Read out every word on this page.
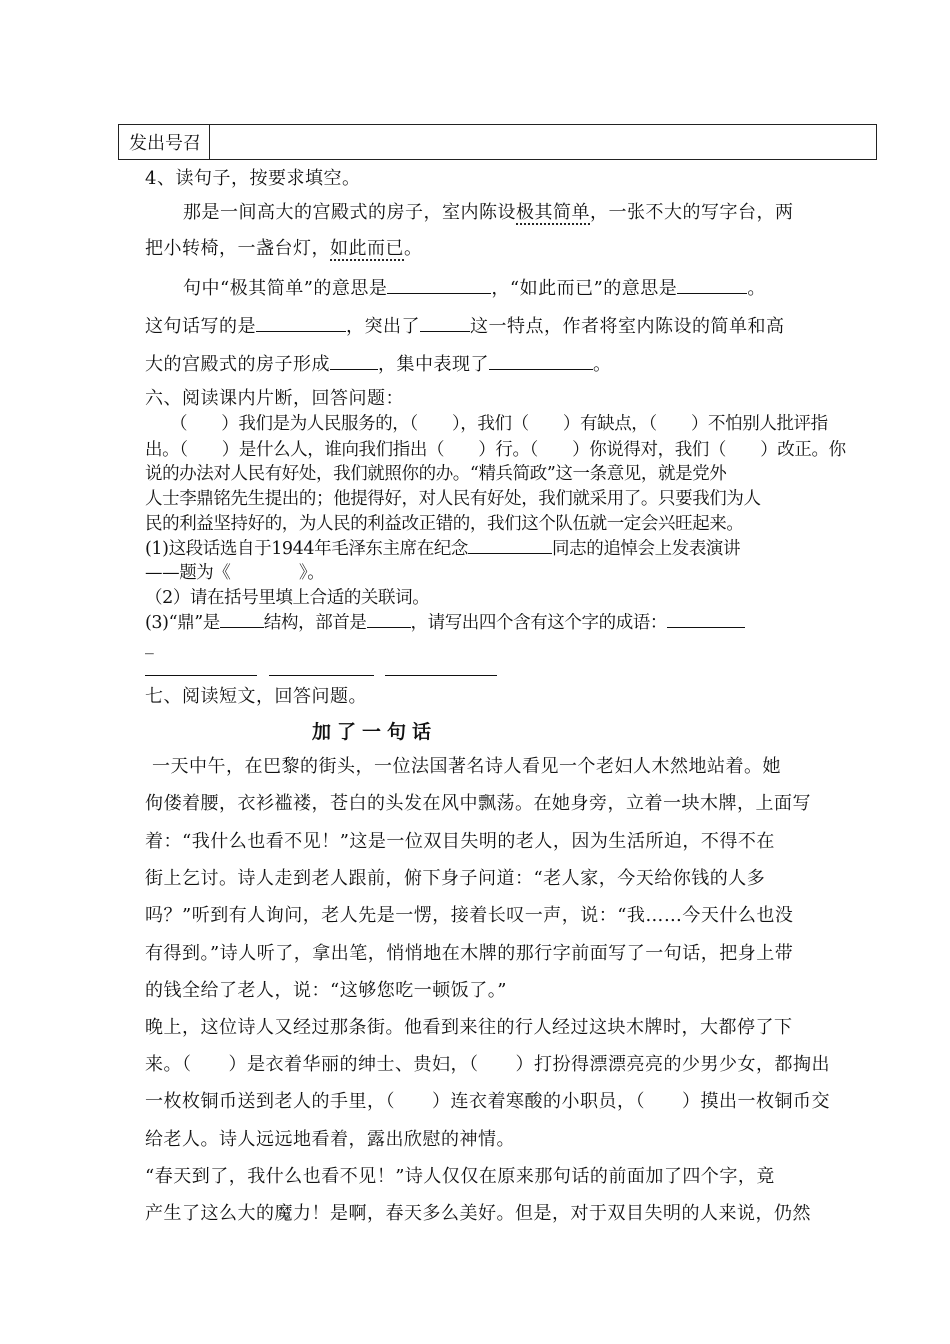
发出号召	

4、读句子，按要求填空。

那是一间高大的宫殿式的房子，室内陈设极其简单，一张不大的写字台，两

把小转椅，一盏台灯，如此而已。

句中“极其简单”的意思是	，“如此而已”的意思是	。

这句话写的是	，突出了	这一特点，作者将室内陈设的简单和高

大的宫殿式的房子形成	，集中表现了	。

六、阅读课内片断，回答问题：

（　　）我们是为人民服务的，（　　），我们（　　）有缺点，（　　）不怕别人批评指

出。（　　）是什么人，谁向我们指出（　　）行。（　　）你说得对，我们（　　）改正。你

说的办法对人民有好处，我们就照你的办。“精兵简政”这一条意见，就是党外

人士李鼎铭先生提出的；他提得好，对人民有好处，我们就采用了。只要我们为人

民的利益坚持好的，为人民的利益改正错的，我们这个队伍就一定会兴旺起来。

(1)这段话选自于1944年毛泽东主席在纪念	同志的追悼会上发表演讲

——题为《　　　　》。

（2）请在括号里填上合适的关联词。

(3)“鼎”是	结构，部首是	，请写出四个含有这个字的成语：

_

七、阅读短文，回答问题。

加了一句话

一天中午，在巴黎的街头，一位法国著名诗人看见一个老妇人木然地站着。她

佝偻着腰，衣衫褴褛，苍白的头发在风中飘荡。在她身旁，立着一块木牌，上面写

着：“我什么也看不见！”这是一位双目失明的老人，因为生活所迫，不得不在

街上乞讨。诗人走到老人跟前，俯下身子问道：“老人家，今天给你钱的人多

吗？”听到有人询问，老人先是一愣，接着长叹一声，说：“我……今天什么也没

有得到。”诗人听了，拿出笔，悄悄地在木牌的那行字前面写了一句话，把身上带

的钱全给了老人，说：“这够您吃一顿饭了。”

晚上，这位诗人又经过那条街。他看到来往的行人经过这块木牌时，大都停了下

来。（　　）是衣着华丽的绅士、贵妇，（　　）打扮得漂漂亮亮的少男少女，都掏出

一枚枚铜币送到老人的手里，（　　）连衣着寒酸的小职员，（　　）摸出一枚铜币交

给老人。诗人远远地看着，露出欣慰的神情。

“春天到了，我什么也看不见！”诗人仅仅在原来那句话的前面加了四个字，竟

产生了这么大的魔力！是啊，春天多么美好。但是，对于双目失明的人来说，仍然
